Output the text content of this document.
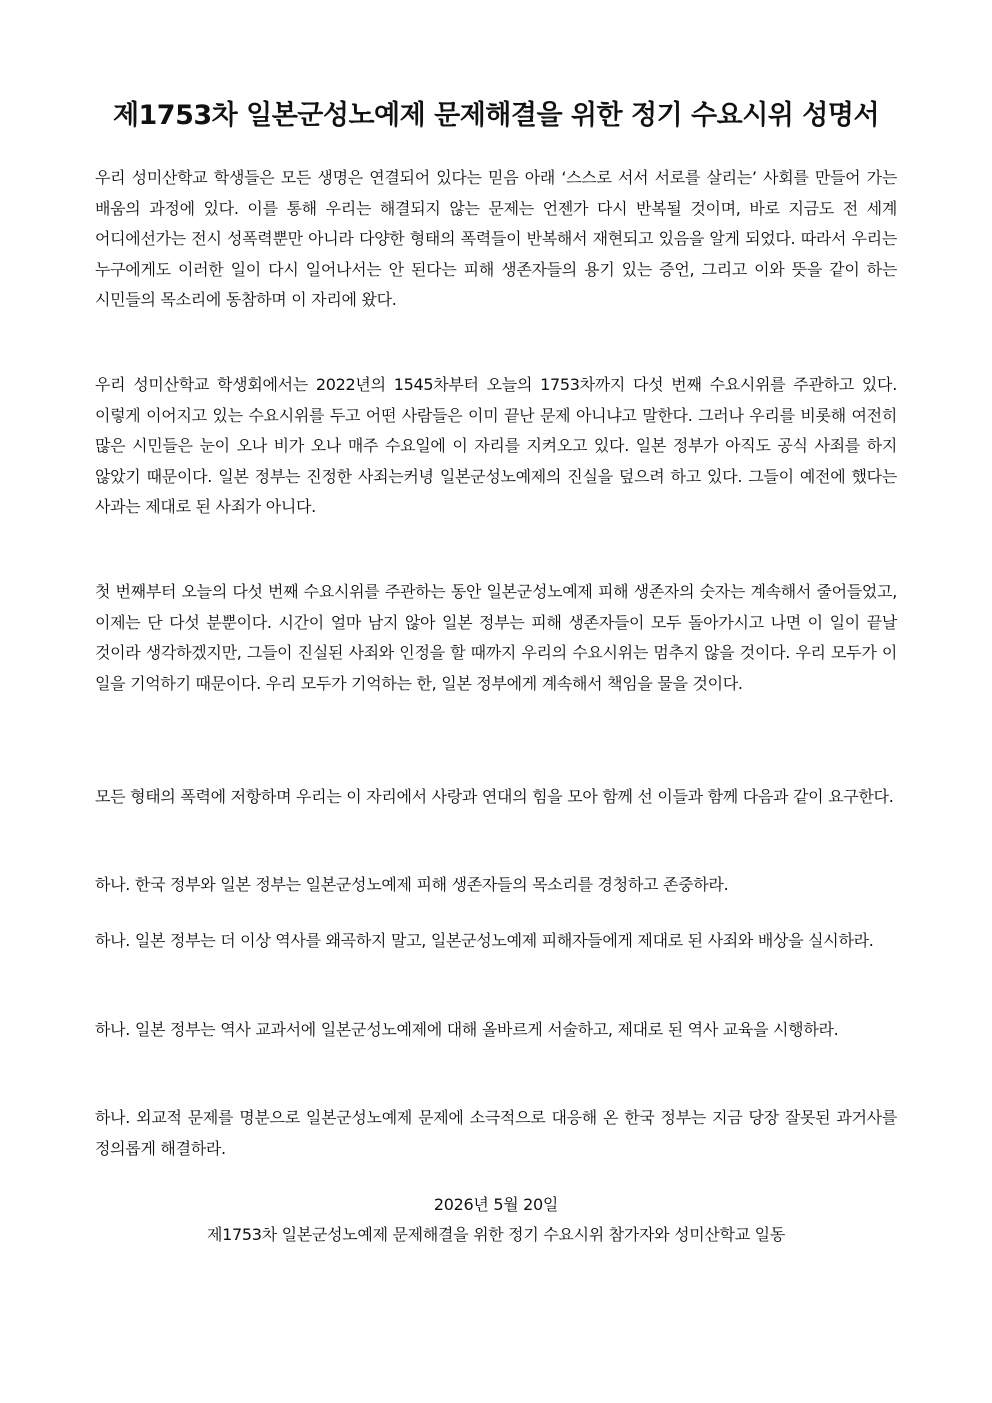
제1753차 일본군성노예제 문제해결을 위한 정기 수요시위 성명서
우리 성미산학교 학생들은 모든 생명은 연결되어 있다는 믿음 아래 ‘스스로 서서 서로를 살리는’ 사회를 만들어 가는 배움의 과정에 있다. 이를 통해 우리는 해결되지 않는 문제는 언젠가 다시 반복될 것이며, 바로 지금도 전 세계 어디에선가는 전시 성폭력뿐만 아니라 다양한 형태의 폭력들이 반복해서 재현되고 있음을 알게 되었다. 따라서 우리는 누구에게도 이러한 일이 다시 일어나서는 안 된다는 피해 생존자들의 용기 있는 증언, 그리고 이와 뜻을 같이 하는 시민들의 목소리에 동참하며 이 자리에 왔다.
우리 성미산학교 학생회에서는 2022년의 1545차부터 오늘의 1753차까지 다섯 번째 수요시위를 주관하고 있다. 이렇게 이어지고 있는 수요시위를 두고 어떤 사람들은 이미 끝난 문제 아니냐고 말한다. 그러나 우리를 비롯해 여전히 많은 시민들은 눈이 오나 비가 오나 매주 수요일에 이 자리를 지켜오고 있다. 일본 정부가 아직도 공식 사죄를 하지 않았기 때문이다. 일본 정부는 진정한 사죄는커녕 일본군성노예제의 진실을 덮으려 하고 있다. 그들이 예전에 했다는 사과는 제대로 된 사죄가 아니다.
첫 번째부터 오늘의 다섯 번째 수요시위를 주관하는 동안 일본군성노예제 피해 생존자의 숫자는 계속해서 줄어들었고, 이제는 단 다섯 분뿐이다. 시간이 얼마 남지 않아 일본 정부는 피해 생존자들이 모두 돌아가시고 나면 이 일이 끝날 것이라 생각하겠지만, 그들이 진실된 사죄와 인정을 할 때까지 우리의 수요시위는 멈추지 않을 것이다. 우리 모두가 이 일을 기억하기 때문이다. 우리 모두가 기억하는 한, 일본 정부에게 계속해서 책임을 물을 것이다.
모든 형태의 폭력에 저항하며 우리는 이 자리에서 사랑과 연대의 힘을 모아 함께 선 이들과 함께 다음과 같이 요구한다.
하나. 한국 정부와 일본 정부는 일본군성노예제 피해 생존자들의 목소리를 경청하고 존중하라.
하나. 일본 정부는 더 이상 역사를 왜곡하지 말고, 일본군성노예제 피해자들에게 제대로 된 사죄와 배상을 실시하라.
하나. 일본 정부는 역사 교과서에 일본군성노예제에 대해 올바르게 서술하고, 제대로 된 역사 교육을 시행하라.
하나. 외교적 문제를 명분으로 일본군성노예제 문제에 소극적으로 대응해 온 한국 정부는 지금 당장 잘못된 과거사를 정의롭게 해결하라.
2026년 5월 20일
제1753차 일본군성노예제 문제해결을 위한 정기 수요시위 참가자와 성미산학교 일동
